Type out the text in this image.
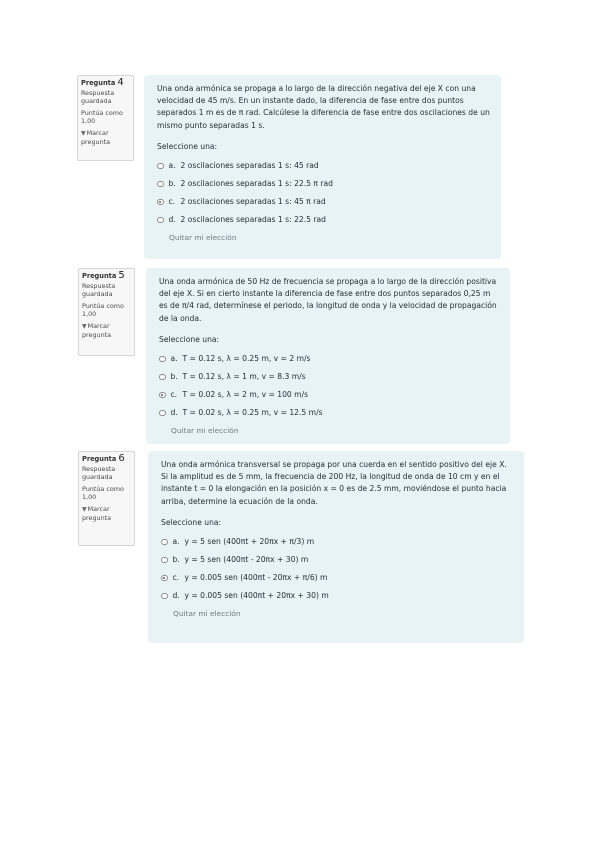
Pregunta 4
Respuesta guardada
Puntúa como 1,00
▼Marcar pregunta

Una onda armónica se propaga a lo largo de la dirección negativa del eje X con una velocidad de 45 m/s. En un instante dado, la diferencia de fase entre dos puntos separados 1 m es de π rad. Calcúlese la diferencia de fase entre dos oscilaciones de un mismo punto separadas 1 s.

Seleccione una:
a. 2 oscilaciones separadas 1 s: 45 rad
b. 2 oscilaciones separadas 1 s: 22.5 π rad
c. 2 oscilaciones separadas 1 s: 45 π rad
d. 2 oscilaciones separadas 1 s: 22.5 rad
Quitar mi elección
Pregunta 5
Respuesta guardada
Puntúa como 1,00
▼Marcar pregunta

Una onda armónica de 50 Hz de frecuencia se propaga a lo largo de la dirección positiva del eje X. Si en cierto instante la diferencia de fase entre dos puntos separados 0,25 m es de π/4 rad, determínese el periodo, la longitud de onda y la velocidad de propagación de la onda.

Seleccione una:
a. T = 0.12 s, λ = 0.25 m, v = 2 m/s
b. T = 0.12 s, λ = 1 m, v = 8.3 m/s
c. T = 0.02 s, λ = 2 m, v = 100 m/s
d. T = 0.02 s, λ = 0.25 m, v = 12.5 m/s
Quitar mi elección
Pregunta 6
Respuesta guardada
Puntúa como 1,00
▼Marcar pregunta

Una onda armónica transversal se propaga por una cuerda en el sentido positivo del eje X. Si la amplitud es de 5 mm, la frecuencia de 200 Hz, la longitud de onda de 10 cm y en el instante t = 0 la elongación en la posición x = 0 es de 2.5 mm, moviéndose el punto hacia arriba, determine la ecuación de la onda.

Seleccione una:
a. y = 5 sen (400πt + 20πx + π/3) m
b. y = 5 sen (400πt - 20πx + 30) m
c. y = 0.005 sen (400πt - 20πx + π/6) m
d. y = 0.005 sen (400πt + 20πx + 30) m
Quitar mi elección
